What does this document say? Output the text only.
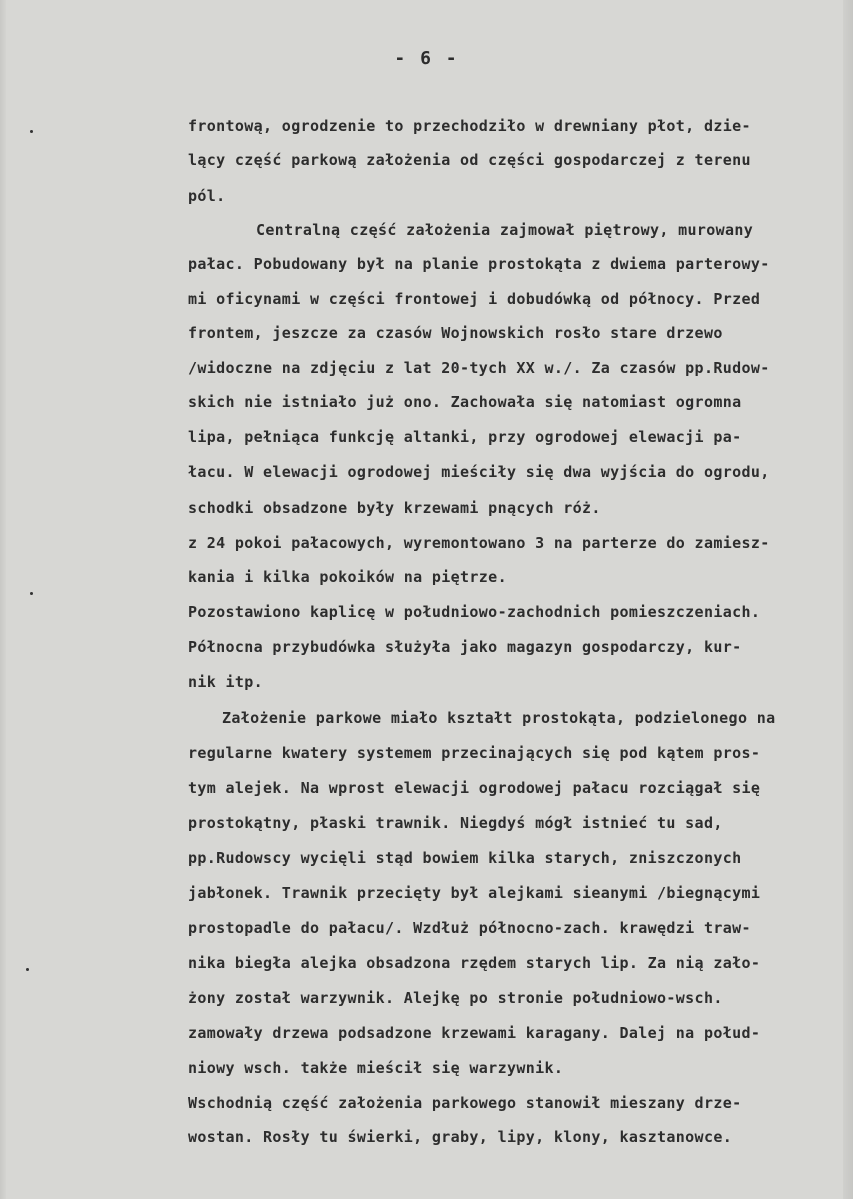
- 6 -
frontową, ogrodzenie to przechodziło w drewniany płot, dzie-
lący część parkową założenia od części gospodarczej z terenu
pól.
Centralną część założenia zajmował piętrowy, murowany
pałac. Pobudowany był na planie prostokąta z dwiema parterowy-
mi oficynami w części frontowej i dobudówką od północy. Przed
frontem, jeszcze za czasów Wojnowskich rosło stare drzewo
/widoczne na zdjęciu z lat 20-tych XX w./. Za czasów pp.Rudow-
skich nie istniało już ono. Zachowała się natomiast ogromna
lipa, pełniąca funkcję altanki, przy ogrodowej elewacji pa-
łacu. W elewacji ogrodowej mieściły się dwa wyjścia do ogrodu,
schodki obsadzone były krzewami pnących róż.
z 24 pokoi pałacowych, wyremontowano 3 na parterze do zamiesz-
kania i kilka pokoików na piętrze.
Pozostawiono kaplicę w południowo-zachodnich pomieszczeniach.
Północna przybudówka służyła jako magazyn gospodarczy, kur-
nik itp.
Założenie parkowe miało kształt prostokąta, podzielonego na
regularne kwatery systemem przecinających się pod kątem pros-
tym alejek. Na wprost elewacji ogrodowej pałacu rozciągał się
prostokątny, płaski trawnik. Niegdyś mógł istnieć tu sad,
pp.Rudowscy wycięli stąd bowiem kilka starych, zniszczonych
jabłonek. Trawnik przecięty był alejkami sieanymi /biegnącymi
prostopadle do pałacu/. Wzdłuż północno-zach. krawędzi traw-
nika biegła alejka obsadzona rzędem starych lip. Za nią zało-
żony został warzywnik. Alejkę po stronie południowo-wsch.
zamowały drzewa podsadzone krzewami karagany. Dalej na połud-
niowy wsch. także mieścił się warzywnik.
Wschodnią część założenia parkowego stanowił mieszany drze-
wostan. Rosły tu świerki, graby, lipy, klony, kasztanowce.
